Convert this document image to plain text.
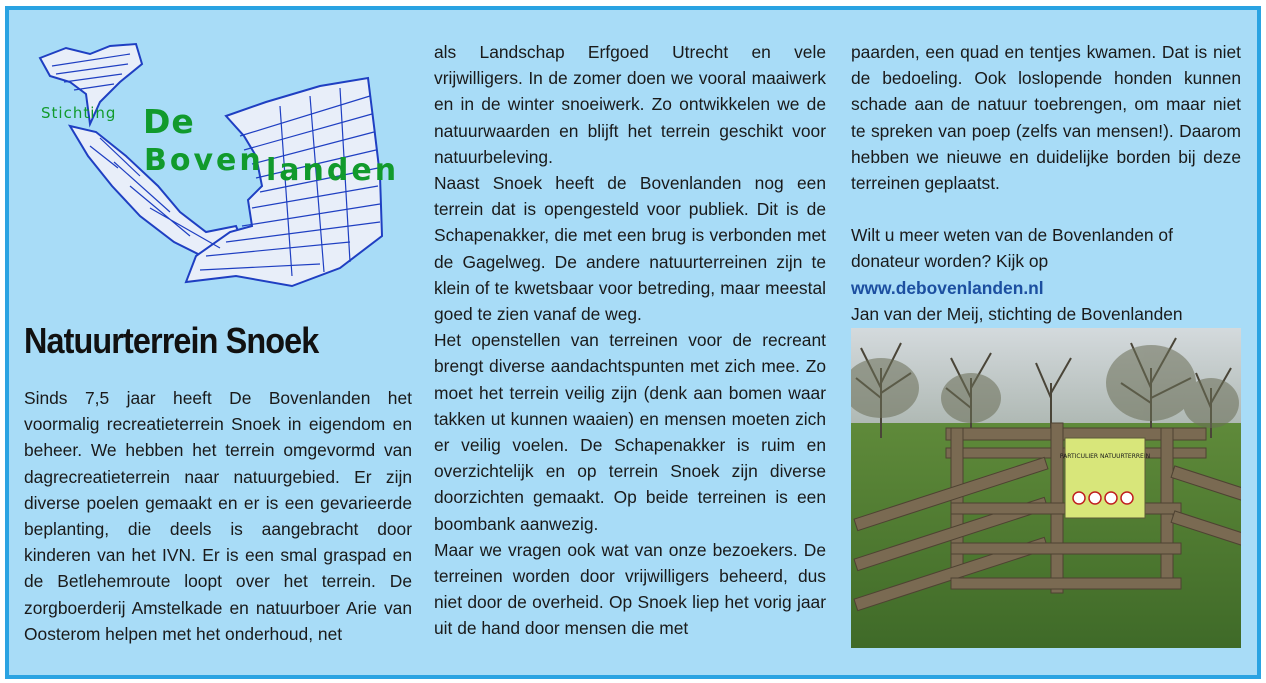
Stichting De
Boven landen
Natuurterrein Snoek

Sinds 7,5 jaar heeft De Bovenlanden het voormalig recreatieterrein Snoek in eigendom en beheer. We hebben het terrein omgevormd van dagrecreatieterrein naar natuurgebied. Er zijn diverse poelen gemaakt en er is een gevarieerde beplanting, die deels is aangebracht door kinderen van het IVN. Er is een smal graspad en de Betlehemroute loopt over het terrein. De zorgboerderij Amstelkade en natuurboer Arie van Oosterom helpen met het onderhoud, net

als Landschap Erfgoed Utrecht en vele vrijwilligers. In de zomer doen we vooral maaiwerk en in de winter snoeiwerk. Zo ontwikkelen we de natuurwaarden en blijft het terrein geschikt voor natuurbeleving.

Naast Snoek heeft de Bovenlanden nog een terrein dat is opengesteld voor publiek. Dit is de Schapenakker, die met een brug is verbonden met de Gagelweg. De andere natuurterreinen zijn te klein of te kwetsbaar voor betreding, maar meestal goed te zien vanaf de weg.

Het openstellen van terreinen voor de recreant brengt diverse aandachtspunten met zich mee. Zo moet het terrein veilig zijn (denk aan bomen waar takken ut kunnen waaien) en mensen moeten zich er veilig voelen. De Schapenakker is ruim en overzichtelijk en op terrein Snoek zijn diverse doorzichten gemaakt. Op beide terreinen is een boombank aanwezig.

Maar we vragen ook wat van onze bezoekers. De terreinen worden door vrijwilligers beheerd, dus niet door de overheid. Op Snoek liep het vorig jaar uit de hand door mensen die met

paarden, een quad en tentjes kwamen. Dat is niet de bedoeling. Ook loslopende honden kunnen schade aan de natuur toebrengen, om maar niet te spreken van poep (zelfs van mensen!). Daarom hebben we nieuwe en duidelijke borden bij deze terreinen geplaatst.

Wilt u meer weten van de Bovenlanden of donateur worden? Kijk op www.debovenlanden.nl

Jan van der Meij, stichting de Bovenlanden

PARTICULIER NATUURTERREIN
